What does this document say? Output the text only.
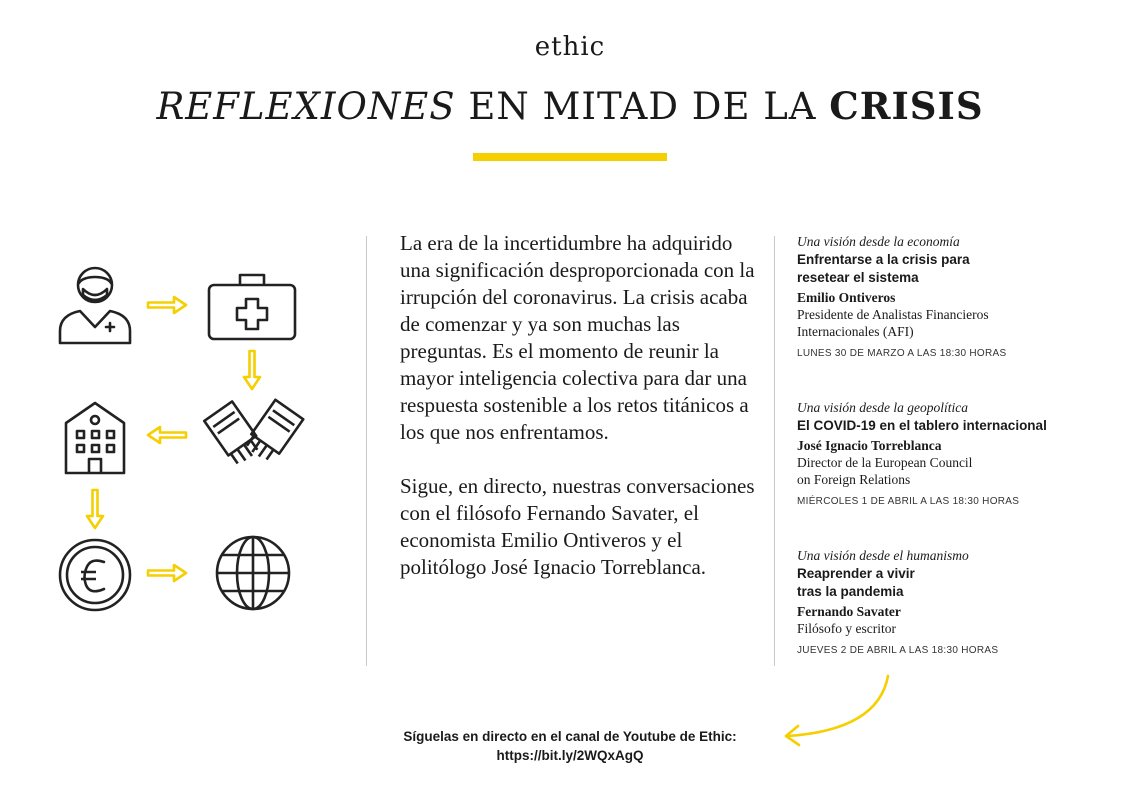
ethic
REFLEXIONES EN MITAD DE LA CRISIS

La era de la incertidumbre ha adquirido una significación desproporcionada con la irrupción del coronavirus. La crisis acaba de comenzar y ya son muchas las preguntas. Es el momento de reunir la mayor inteligencia colectiva para dar una respuesta sostenible a los retos titánicos a los que nos enfrentamos.

Sigue, en directo, nuestras conversaciones con el filósofo Fernando Savater, el economista Emilio Ontiveros y el politólogo José Ignacio Torreblanca.

Una visión desde la economía
Enfrentarse a la crisis para
resetear el sistema
Emilio Ontiveros
Presidente de Analistas Financieros
Internacionales (AFI)
LUNES 30 DE MARZO A LAS 18:30 HORAS
Una visión desde la geopolítica
El COVID-19 en el tablero internacional
José Ignacio Torreblanca
Director de la European Council
on Foreign Relations
MIÉRCOLES 1 DE ABRIL A LAS 18:30 HORAS
Una visión desde el humanismo
Reaprender a vivir
tras la pandemia
Fernando Savater
Filósofo y escritor
JUEVES 2 DE ABRIL A LAS 18:30 HORAS
Síguelas en directo en el canal de Youtube de Ethic:
https://bit.ly/2WQxAgQ
